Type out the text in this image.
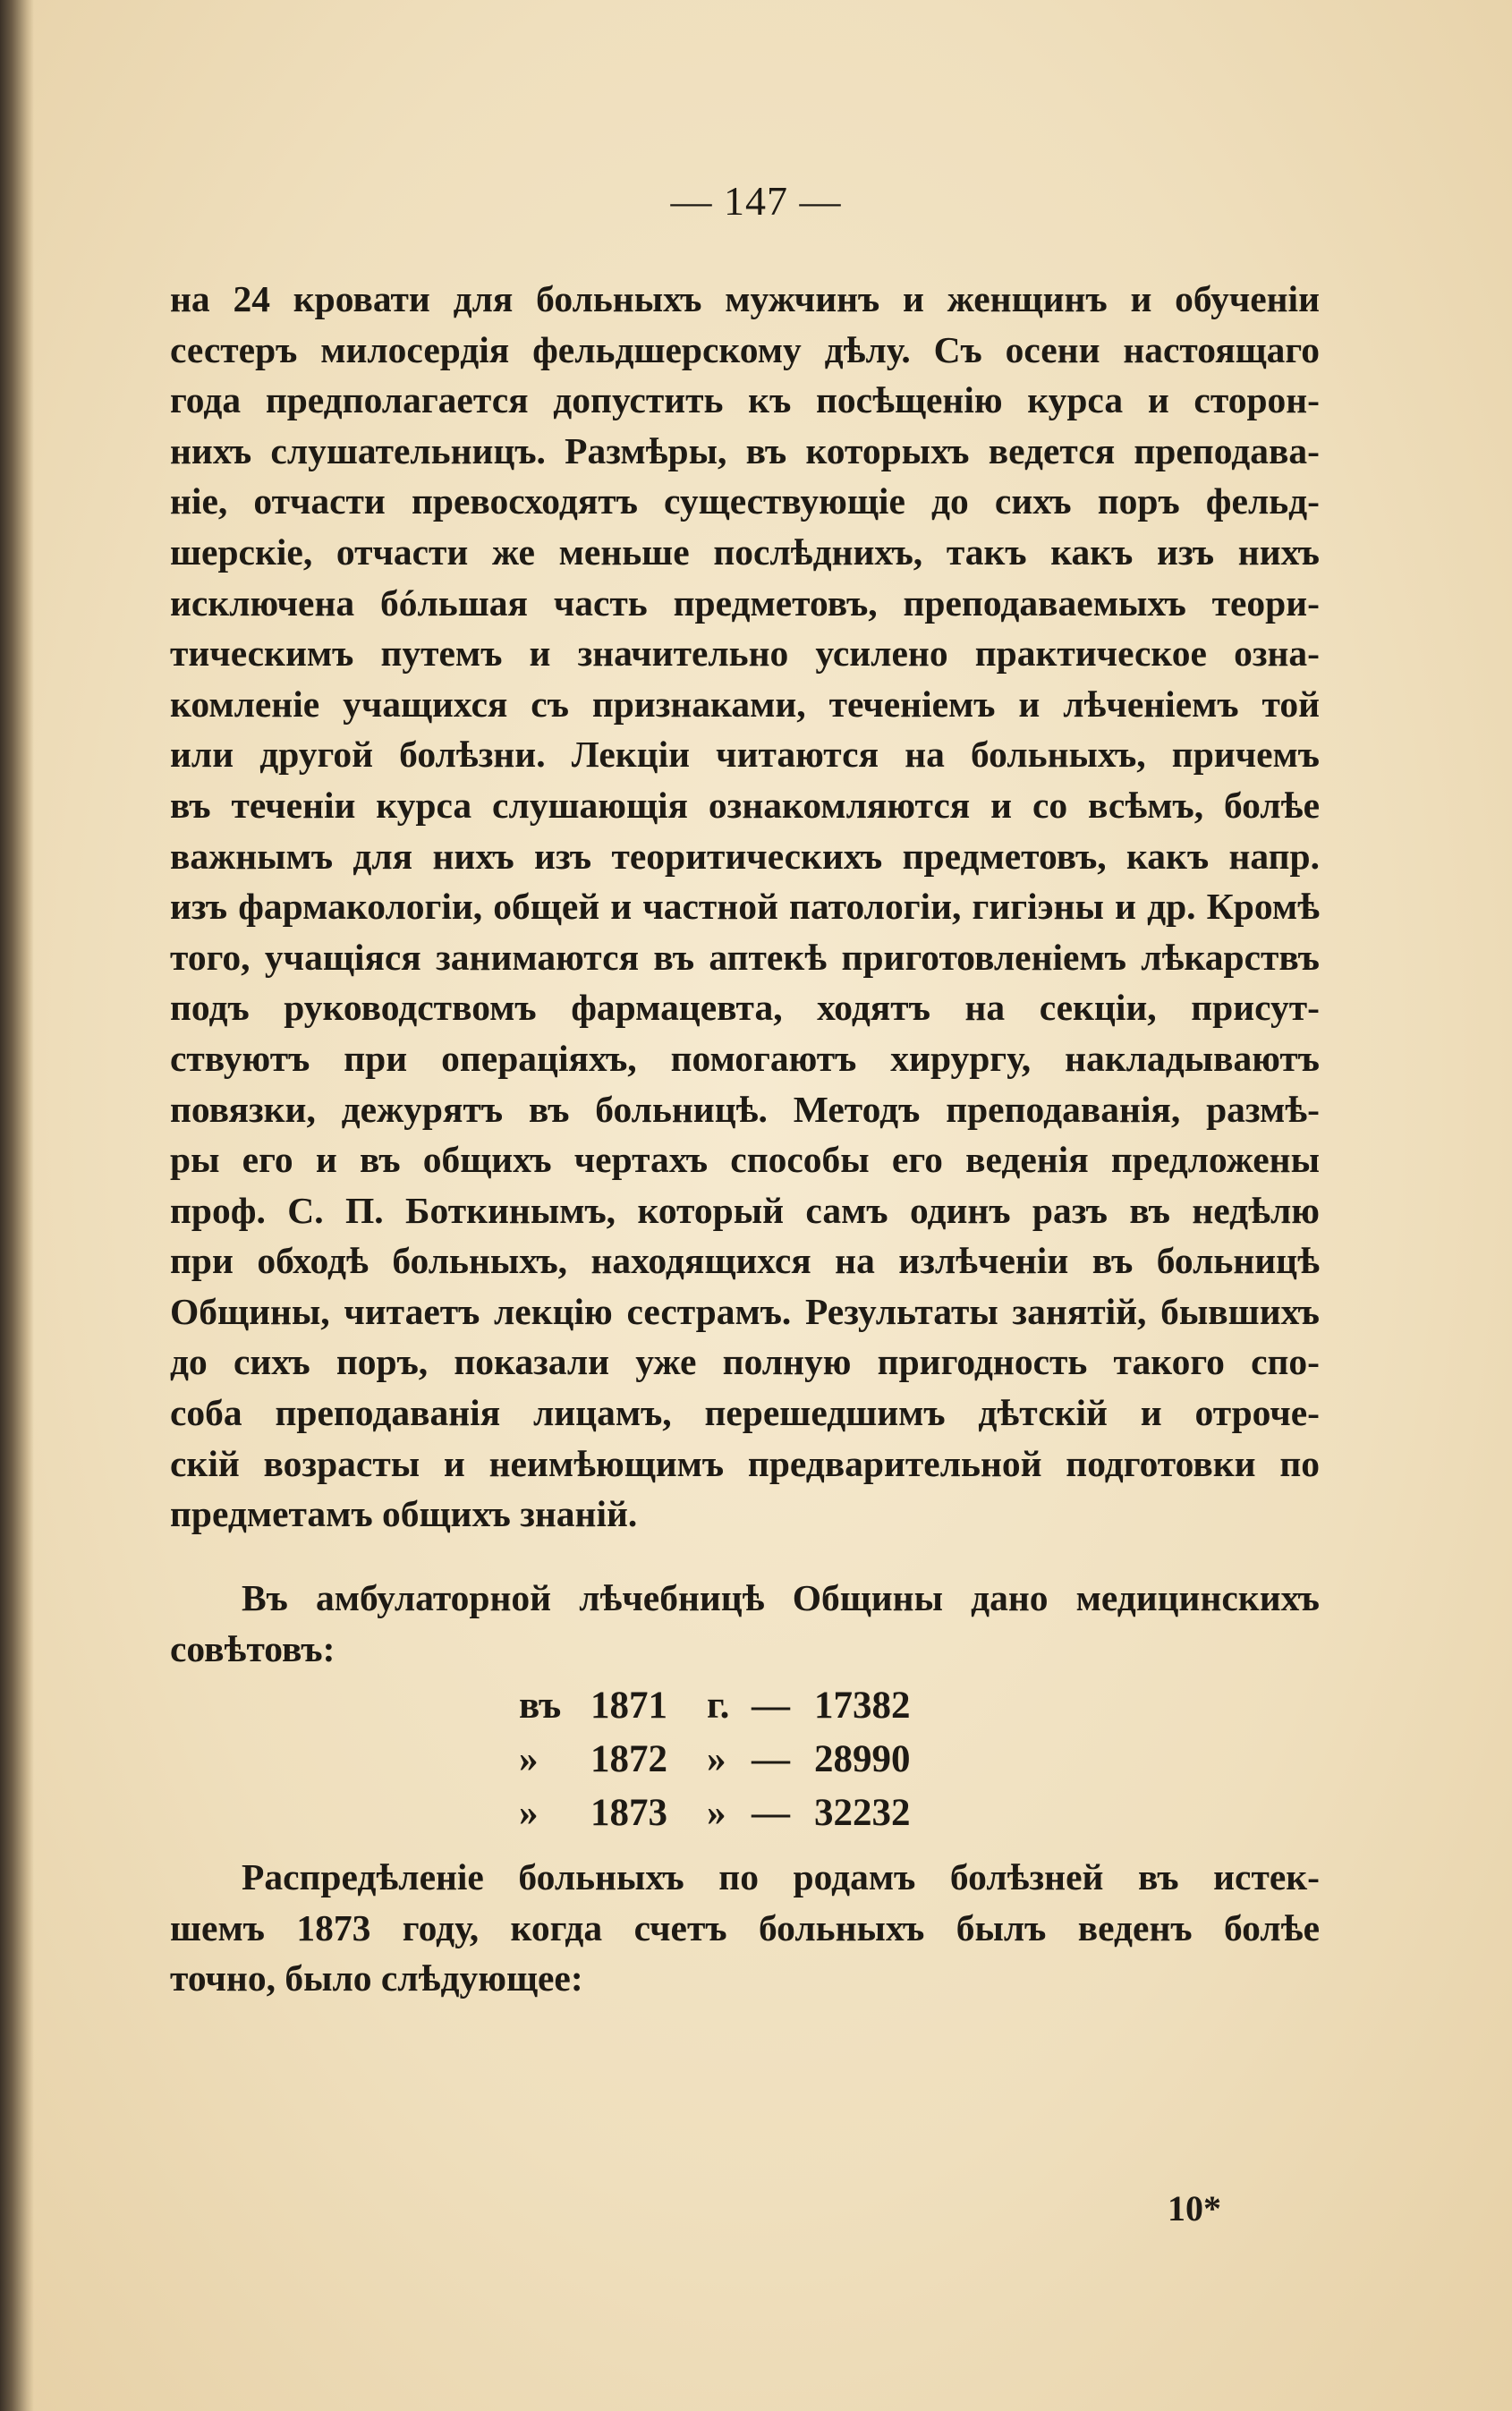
— 147 —
на 24 кровати для больныхъ мужчинъ и женщинъ и обученіи
сестеръ милосердія фельдшерскому дѣлу. Съ осени настоящаго
года предполагается допустить къ посѣщенію курса и сторон-
нихъ слушательницъ. Размѣры, въ которыхъ ведется преподава-
ніе, отчасти превосходятъ существующіе до сихъ поръ фельд-
шерскіе, отчасти же меньше послѣднихъ, такъ какъ изъ нихъ
исключена бóльшая часть предметовъ, преподаваемыхъ теори-
тическимъ путемъ и значительно усилено практическое озна-
комленіе учащихся съ признаками, теченіемъ и лѣченіемъ той
или другой болѣзни. Лекціи читаются на больныхъ, причемъ
въ теченіи курса слушающія ознакомляются и со всѣмъ, болѣе
важнымъ для нихъ изъ теоритическихъ предметовъ, какъ напр.
изъ фармакологіи, общей и частной патологіи, гигіэны и др. Кромѣ
того, учащіяся занимаются въ аптекѣ приготовленіемъ лѣкарствъ
подъ руководствомъ фармацевта, ходятъ на секціи, присут-
ствуютъ при операціяхъ, помогаютъ хирургу, накладываютъ
повязки, дежурятъ въ больницѣ. Методъ преподаванія, размѣ-
ры его и въ общихъ чертахъ способы его веденія предложены
проф. С. П. Боткинымъ, который самъ одинъ разъ въ недѣлю
при обходѣ больныхъ, находящихся на излѣченіи въ больницѣ
Общины, читаетъ лекцію сестрамъ. Результаты занятій, бывшихъ
до сихъ поръ, показали уже полную пригодность такого спо-
соба преподаванія лицамъ, перешедшимъ дѣтскій и отроче-
скій возрасты и неимѣющимъ предварительной подготовки по
предметамъ общихъ знаній.
Въ амбулаторной лѣчебницѣ Общины дано медицинскихъ
совѣтовъ:
въ 1871	г. — 17382
»	1872	» — 28990
»	1873	» — 32232
Распредѣленіе больныхъ по родамъ болѣзней въ истек-
шемъ 1873 году, когда счетъ больныхъ былъ веденъ болѣе
точно, было слѣдующее:
10*
